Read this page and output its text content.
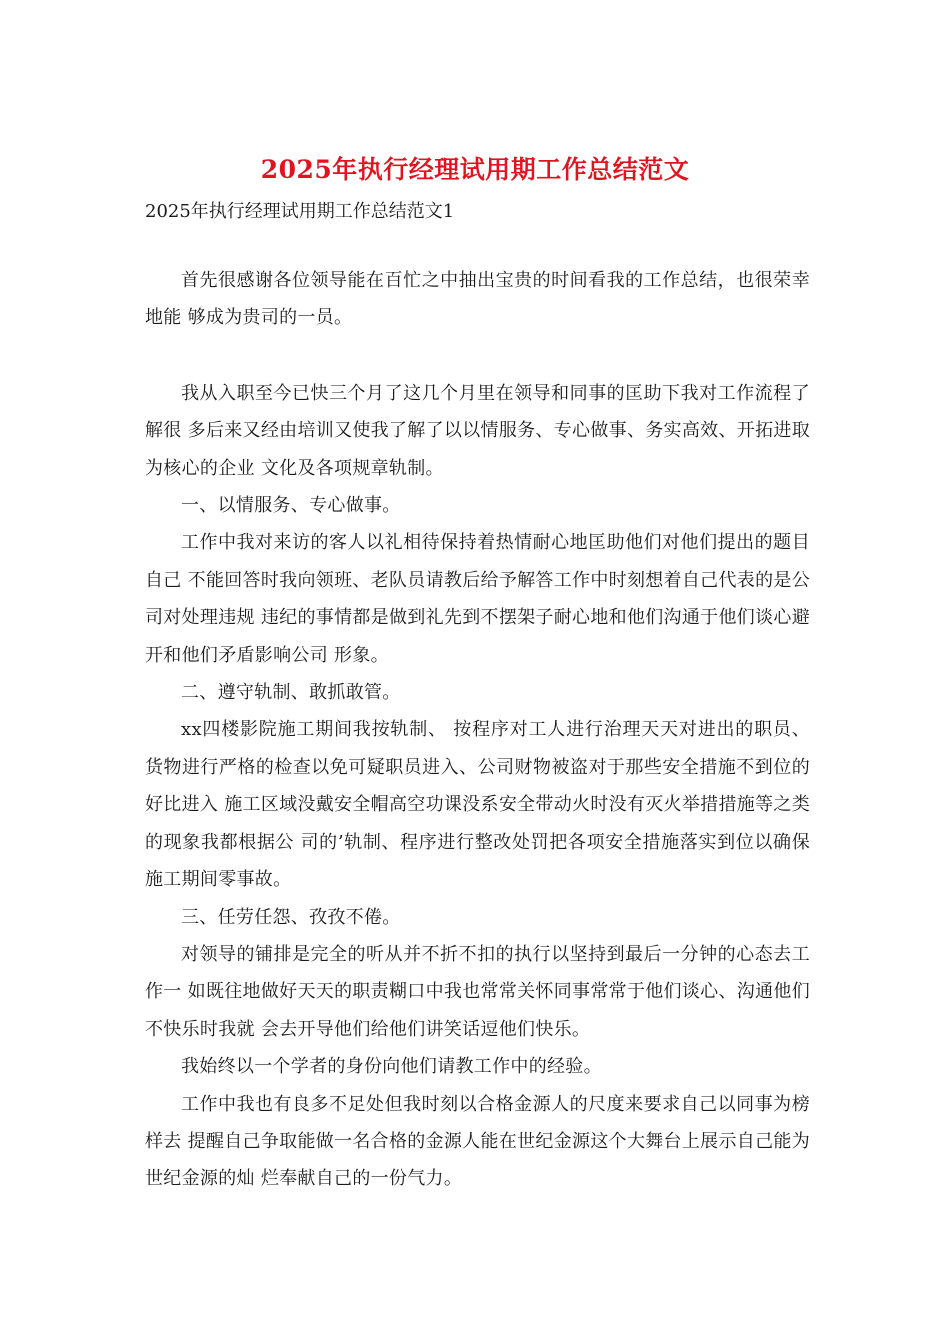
2025年执行经理试用期工作总结范文

2025年执行经理试用期工作总结范文1

首先很感谢各位领导能在百忙之中抽出宝贵的时间看我的工作总结，也很荣幸地能 够成为贵司的一员。

我从入职至今已快三个月了这几个月里在领导和同事的匡助下我对工作流程了解很 多后来又经由培训又使我了解了以以情服务、专心做事、务实高效、开拓进取为核心的企业 文化及各项规章轨制。

一、以情服务、专心做事。

工作中我对来访的客人以礼相待保持着热情耐心地匡助他们对他们提出的题目自己 不能回答时我向领班、老队员请教后给予解答工作中时刻想着自己代表的是公司对处理违规 违纪的事情都是做到礼先到不摆架子耐心地和他们沟通于他们谈心避开和他们矛盾影响公司 形象。

二、遵守轨制、敢抓敢管。

xx四楼影院施工期间我按轨制、 按程序对工人进行治理天天对进出的职员、货物进行严格的检查以免可疑职员进入、公司财物被盗对于那些安全措施不到位的好比进入 施工区域没戴安全帽高空功课没系安全带动火时没有灭火举措措施等之类的现象我都根据公 司的’轨制、程序进行整改处罚把各项安全措施落实到位以确保施工期间零事故。

三、任劳任怨、孜孜不倦。

对领导的铺排是完全的听从并不折不扣的执行以坚持到最后一分钟的心态去工作一 如既往地做好天天的职责糊口中我也常常关怀同事常常于他们谈心、沟通他们不快乐时我就 会去开导他们给他们讲笑话逗他们快乐。

我始终以一个学者的身份向他们请教工作中的经验。

工作中我也有良多不足处但我时刻以合格金源人的尺度来要求自己以同事为榜样去 提醒自己争取能做一名合格的金源人能在世纪金源这个大舞台上展示自己能为世纪金源的灿 烂奉献自己的一份气力。
